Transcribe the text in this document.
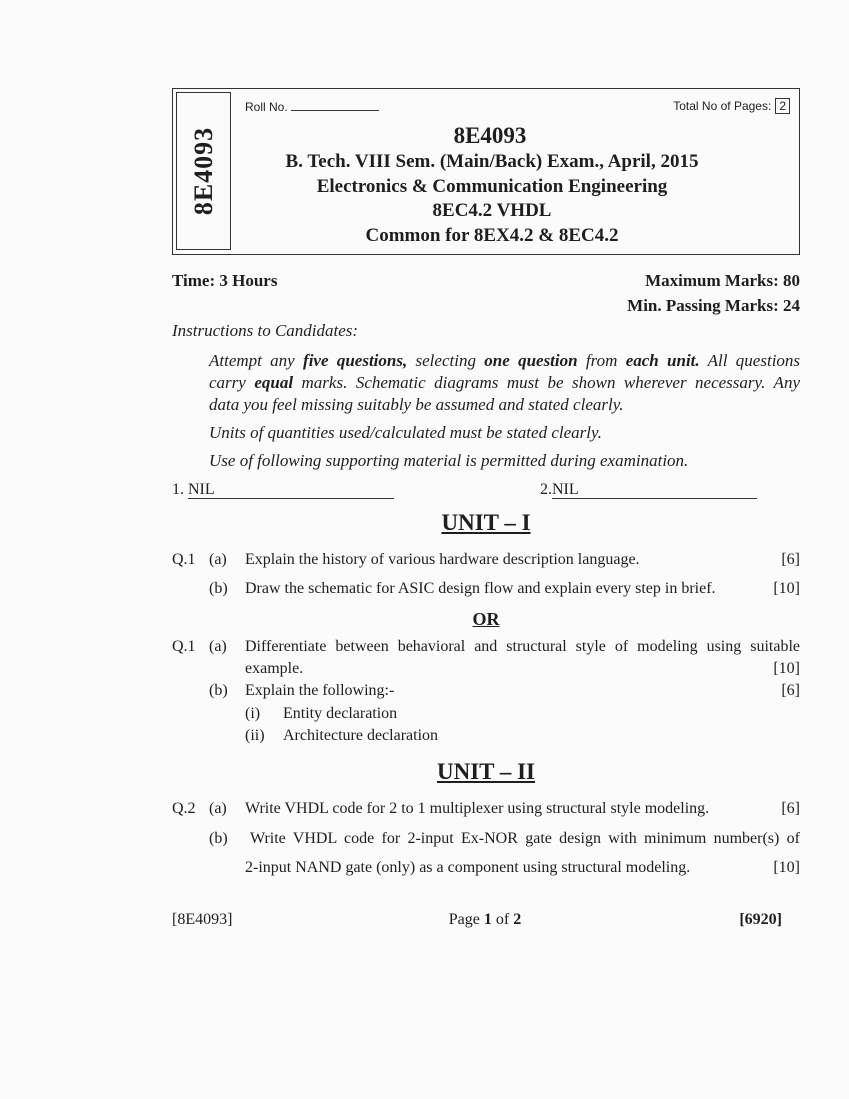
8E4093
Roll No.	Total No of Pages: 2
8E4093
B. Tech. VIII Sem. (Main/Back) Exam., April, 2015
Electronics & Communication Engineering
8EC4.2 VHDL
Common for 8EX4.2 & 8EC4.2
Time: 3 Hours	Maximum Marks: 80
Min. Passing Marks: 24
Instructions to Candidates:
Attempt any five questions, selecting one question from each unit. All questions
carry equal marks. Schematic diagrams must be shown wherever necessary. Any
data you feel missing suitably be assumed and stated clearly.
Units of quantities used/calculated must be stated clearly.
Use of following supporting material is permitted during examination.
1. NIL	2.NIL
UNIT – I
Q.1 (a) Explain the history of various hardware description language.	[6]
(b) Draw the schematic for ASIC design flow and explain every step in brief.	[10]
OR
Q.1 (a) Differentiate between behavioral and structural style of modeling using suitable
example.	[10]
(b) Explain the following:-	[6]
(i) Entity declaration
(ii) Architecture declaration
UNIT – II
Q.2 (a) Write VHDL code for 2 to 1 multiplexer using structural style modeling.	[6]
(b) Write VHDL code for 2-input Ex-NOR gate design with minimum number(s) of
2-input NAND gate (only) as a component using structural modeling.	[10]
[8E4093]	Page 1 of 2	[6920]
